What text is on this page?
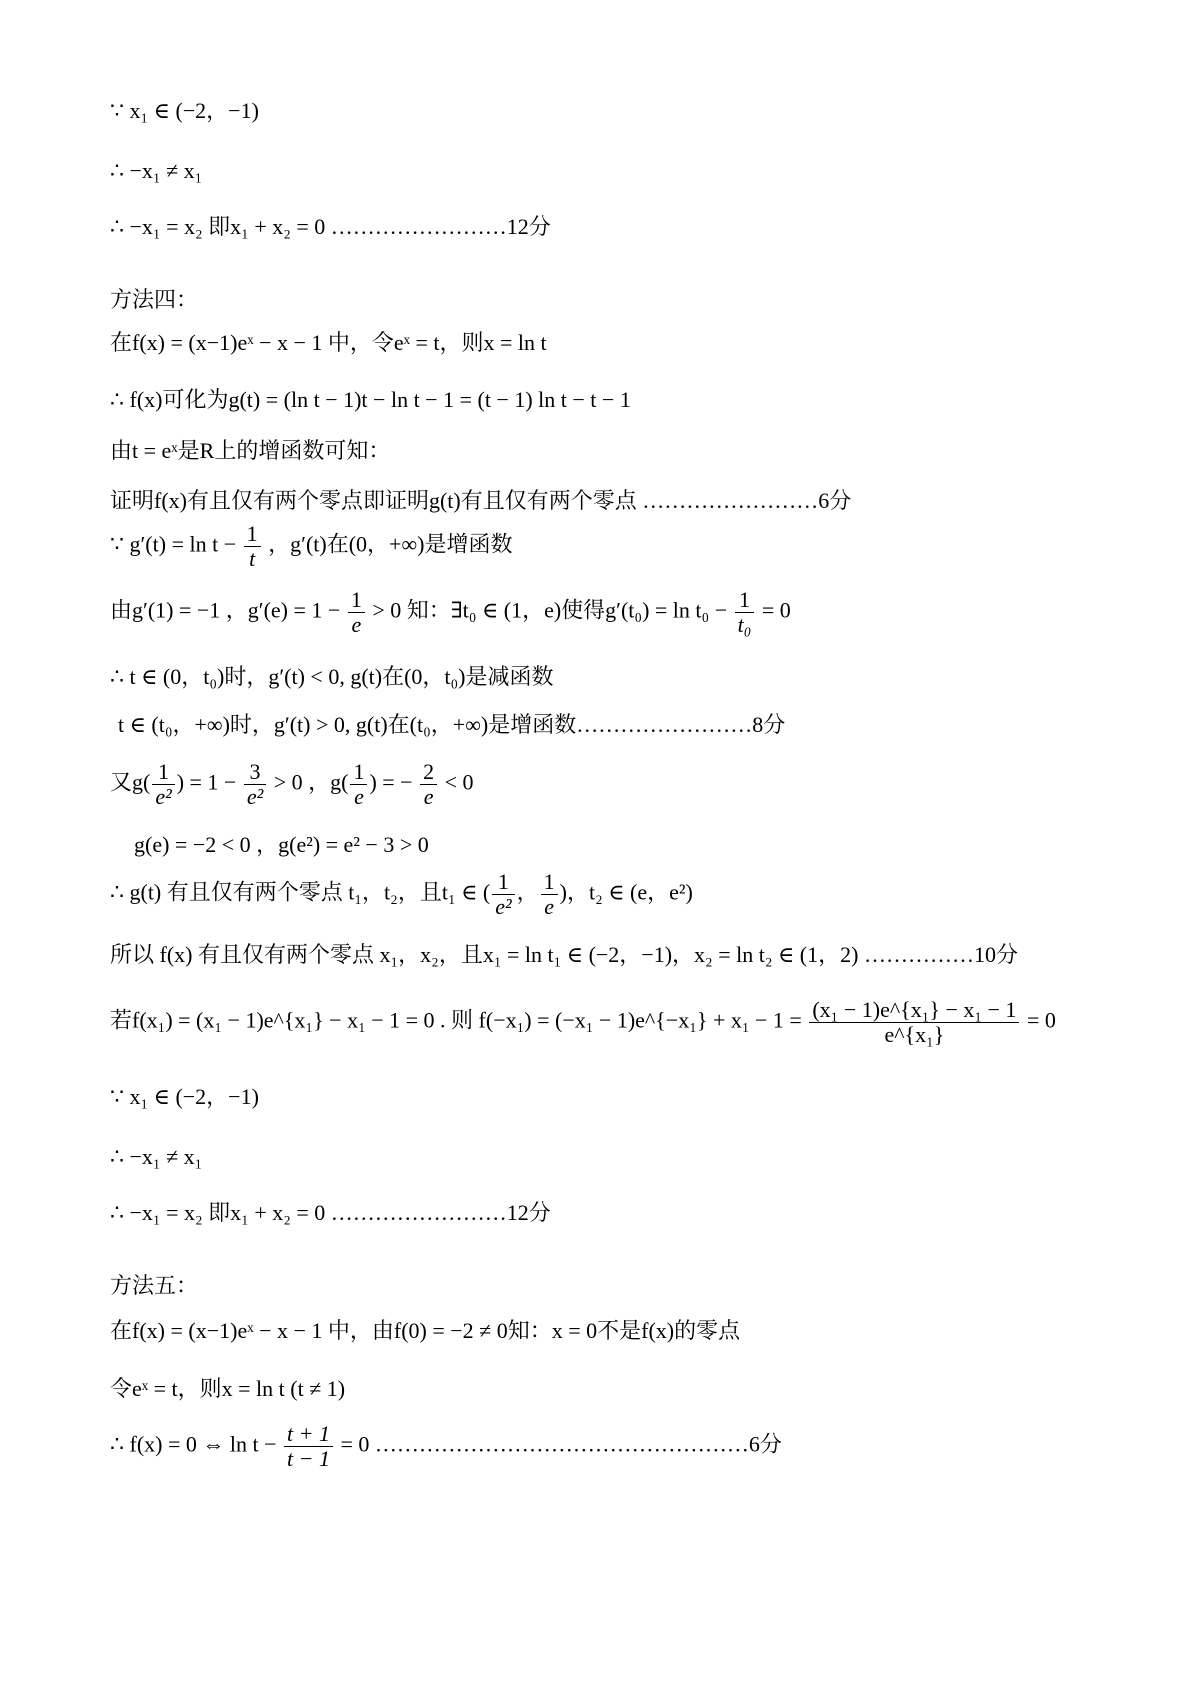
∵ x₁ ∈ (−2，−1)
∴ −x₁ ≠ x₁
∴ −x₁ = x₂ 即x₁ + x₂ = 0 ……………………12分
方法四：
在f(x) = (x−1)eˣ − x − 1 中，令eˣ = t，则x = ln t
∴ f(x)可化为g(t) = (ln t − 1)t − ln t − 1 = (t − 1) ln t − t − 1
由t = eˣ是R上的增函数可知：
证明f(x)有且仅有两个零点即证明g(t)有且仅有两个零点 ……………………6分
∵ $g'(t) = \ln t - \frac{1}{t}$ ，g′(t)在(0，+∞)是增函数
由g′(1) = −1 ，$g'(e) = 1 - \frac{1}{e} > 0$ 知：∃t₀ ∈ (1，e)使得$g'(t_0) = \ln t_0 - \frac{1}{\text{t₀}} = 0$
∴ t ∈ (0，t₀)时，g′(t) < 0, g(t)在(0，t₀)是减函数
t ∈ (t₀，+∞)时，g′(t) > 0, g(t)在(t₀，+∞)是增函数……………………8分
又$g( \frac{1}{\text{e²}}$ ) = $1 - \frac{3}{\text{e²}} > 0$ ，$g( \frac{1}{e}$ ) = − $\frac{2}{e} < 0$
g(e) = −2 < 0 ，g(e²) = e² − 3 > 0
∴ g(t) 有且仅有两个零点 t₁，t₂，且t₁ ∈ ( $\frac{1}{\text{e²}}$ ， $\frac{1}{e}$ )，t₂ ∈ (e，e²)
所以 f(x) 有且仅有两个零点 x₁，x₂，且x₁ = ln t₁ ∈ (−2，−1)，x₂ = ln t₂ ∈ (1，2) ……………10分
若f(x₁) = (x₁ − 1)e^{x₁} − x₁ − 1 = 0 . 则 f(−x₁) = (−x₁ − 1)e^{−x₁} + $x_1 - 1 = \frac{\text{(x₁ − 1)e\textasciicircum{}\{x₁\} − x₁ − 1}}{\text{e\textasciicircum{}\{x₁\}}} = 0$
∵ x₁ ∈ (−2，−1)
∴ −x₁ ≠ x₁
∴ −x₁ = x₂ 即x₁ + x₂ = 0 ……………………12分
方法五：
在f(x) = (x−1)eˣ − x − 1 中，由f(0) = −2 ≠ 0知：x = 0不是f(x)的零点
令eˣ = t，则x = ln t (t ≠ 1)
∴ f(x) = 0 ⇔ $\ln t - \frac{t + 1}{t - 1} = 0$ ……………………………………………6分
